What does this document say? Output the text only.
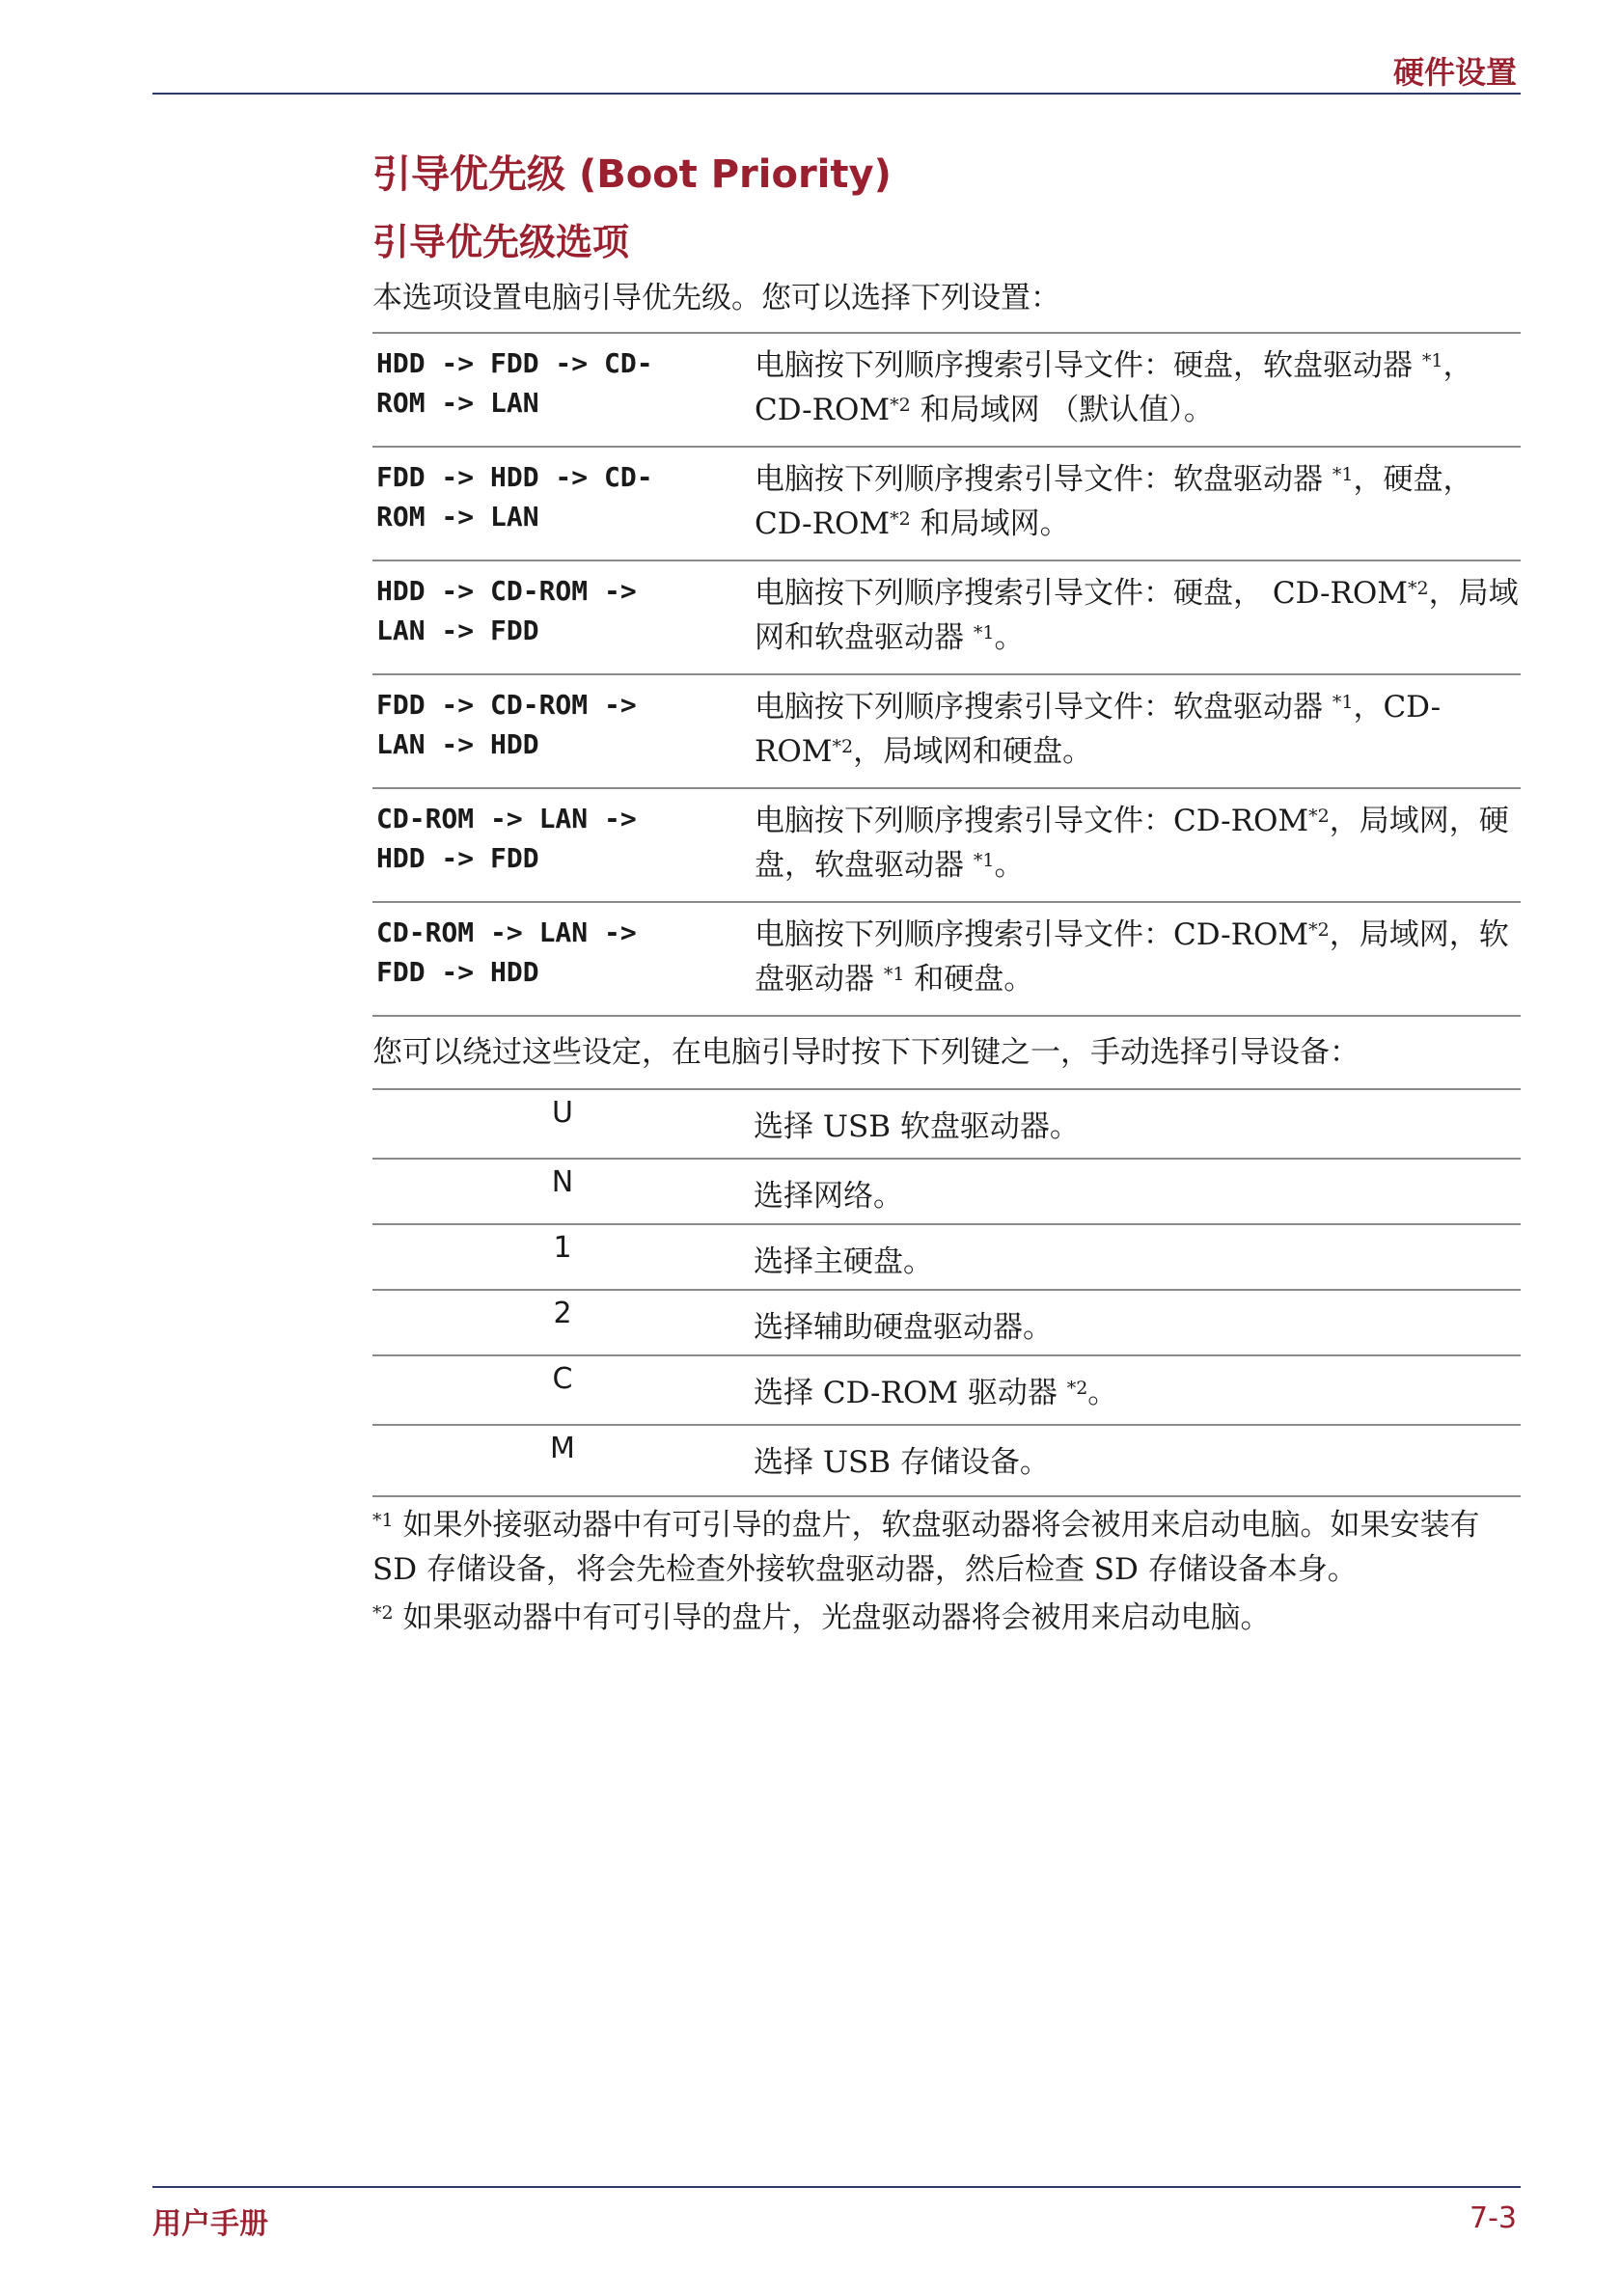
硬件设置
引导优先级 (Boot Priority)
引导优先级选项

本选项设置电脑引导优先级。您可以选择下列设置：

HDD -> FDD -> CD-
ROM -> LAN	电脑按下列顺序搜索引导文件：硬盘，软盘驱动器 $^{*1}$， CD-ROM$^{*2}$ 和局域网 （默认值）。
FDD -> HDD -> CD-
ROM -> LAN	电脑按下列顺序搜索引导文件：软盘驱动器 $^{*1}$，硬盘， CD-ROM$^{*2}$ 和局域网。
HDD -> CD-ROM ->
LAN -> FDD	电脑按下列顺序搜索引导文件：硬盘， CD-ROM$^{*2}$，局域网和软盘驱动器 $^{*1}$。
FDD -> CD-ROM ->
LAN -> HDD	电脑按下列顺序搜索引导文件：软盘驱动器 $^{*1}$，CD-ROM$^{*2}$，局域网和硬盘。
CD-ROM -> LAN ->
HDD -> FDD	电脑按下列顺序搜索引导文件：CD-ROM$^{*2}$，局域网，硬盘，软盘驱动器 $^{*1}$。
CD-ROM -> LAN ->
FDD -> HDD	电脑按下列顺序搜索引导文件：CD-ROM$^{*2}$，局域网，软盘驱动器 $^{*1}$ 和硬盘。
您可以绕过这些设定，在电脑引导时按下下列键之一，手动选择引导设备：
U	选择 USB 软盘驱动器。
N	选择网络。
1	选择主硬盘。
2	选择辅助硬盘驱动器。
C	选择 CD-ROM 驱动器 $^{*2}$。
M	选择 USB 存储设备。

$^{*1}$ 如果外接驱动器中有可引导的盘片，软盘驱动器将会被用来启动电脑。如果安装有 SD 存储设备，将会先检查外接软盘驱动器，然后检查 SD 存储设备本身。

$^{*2}$ 如果驱动器中有可引导的盘片，光盘驱动器将会被用来启动电脑。

用户手册	7-3
